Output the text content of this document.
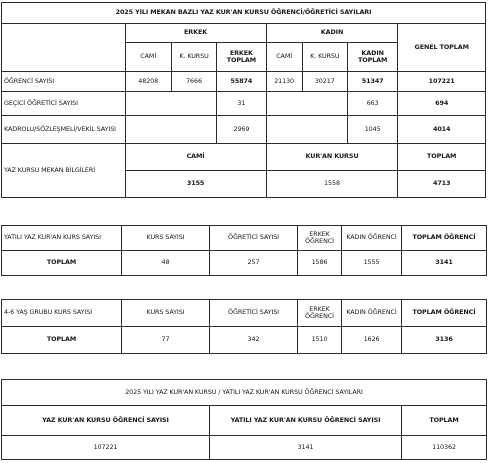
2025 YILI MEKAN BAZLI YAZ KUR'AN KURSU ÖĞRENCİ/ÖĞRETİCİ SAYILARI							
	ERKEK			KADIN			GENEL TOPLAM
	CAMİ	K. KURSU	ERKEK TOPLAM	CAMİ	K. KURSU	KADIN TOPLAM	
ÖĞRENCİ SAYISI	48208	7666	55874	21130	30217	51347	107221
GEÇİCİ ÖĞRETİCİ SAYISI			31			663	694
KADROLU/SÖZLEŞMELİ/VEKİL SAYISI			2969			1045	4014
YAZ KURSU MEKAN BİLGİLERİ	CAMİ			KUR'AN KURSU			TOPLAM
	3155			1558			4713
YATILI YAZ KUR'AN KURS SAYISI	KURS SAYISI	ÖĞRETİCİ SAYISI	ERKEK ÖĞRENCİ	KADIN ÖĞRENCİ	TOPLAM ÖĞRENCİ
TOPLAM	48	257	1586	1555	3141
4-6 YAŞ GRUBU KURS SAYISI	KURS SAYISI	ÖĞRETİCİ SAYISI	ERKEK ÖĞRENCİ	KADIN ÖĞRENCİ	TOPLAM ÖĞRENCİ
TOPLAM	77	342	1510	1626	3136
2025 YILI YAZ KUR'AN KURSU / YATILI YAZ KUR'AN KURSU ÖĞRENCİ SAYILARI		
YAZ KUR'AN KURSU ÖĞRENCİ SAYISI	YATILI YAZ KUR'AN KURSU ÖĞRENCİ SAYISI	TOPLAM
107221	3141	110362
